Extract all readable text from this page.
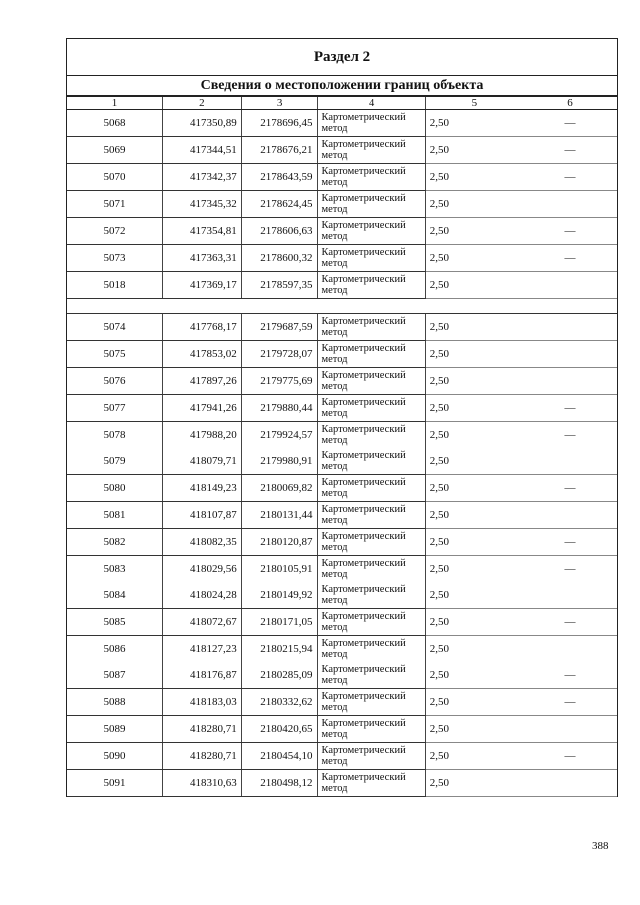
Раздел 2
Сведения о местоположении границ объекта
1	2	3	4	5	6
5068	417350,89	2178696,45	Картометрический
метод	2,50	—
5069	417344,51	2178676,21	Картометрический
метод	2,50	—
5070	417342,37	2178643,59	Картометрический
метод	2,50	—
5071	417345,32	2178624,45	Картометрический
метод	2,50	
5072	417354,81	2178606,63	Картометрический
метод	2,50	—
5073	417363,31	2178600,32	Картометрический
метод	2,50	—
5018	417369,17	2178597,35	Картометрический
метод	2,50	

5074	417768,17	2179687,59	Картометрический
метод	2,50	
5075	417853,02	2179728,07	Картометрический
метод	2,50	
5076	417897,26	2179775,69	Картометрический
метод	2,50	
5077	417941,26	2179880,44	Картометрический
метод	2,50	—
5078	417988,20	2179924,57	Картометрический
метод	2,50	—
5079	418079,71	2179980,91	Картометрический
метод	2,50	
5080	418149,23	2180069,82	Картометрический
метод	2,50	—
5081	418107,87	2180131,44	Картометрический
метод	2,50	
5082	418082,35	2180120,87	Картометрический
метод	2,50	—
5083	418029,56	2180105,91	Картометрический
метод	2,50	—
5084	418024,28	2180149,92	Картометрический
метод	2,50	
5085	418072,67	2180171,05	Картометрический
метод	2,50	—
5086	418127,23	2180215,94	Картометрический
метод	2,50	
5087	418176,87	2180285,09	Картометрический
метод	2,50	—
5088	418183,03	2180332,62	Картометрический
метод	2,50	—
5089	418280,71	2180420,65	Картометрический
метод	2,50	
5090	418280,71	2180454,10	Картометрический
метод	2,50	—
5091	418310,63	2180498,12	Картометрический
метод	2,50	
388
